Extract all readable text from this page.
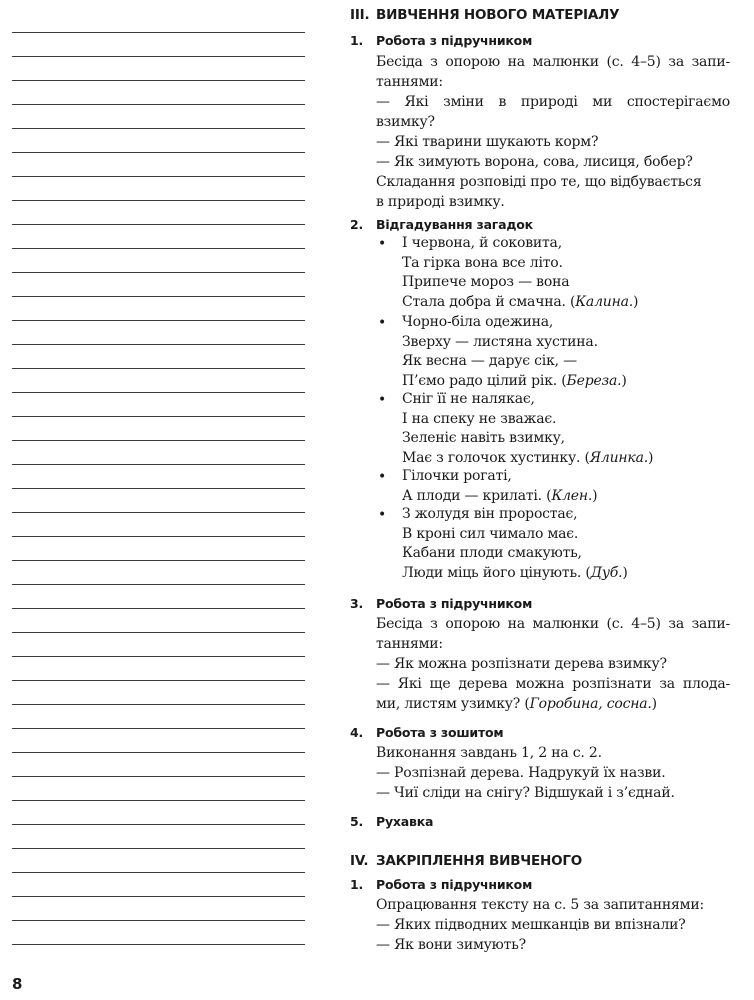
8
III. ВИВЧЕННЯ НОВОГО МАТЕРІАЛУ
1. Робота з підручником
Бесіда з опорою на малюнки (с. 4–5) за запи-
таннями:
— Які зміни в природі ми спостерігаємо
взимку?
— Які тварини шукають корм?
— Як зимують ворона, сова, лисиця, бобер?
Складання розповіді про те, що відбувається
в природі взимку.
2. Відгадування загадок
• І червона, й соковита,
Та гірка вона все літо.
Припече мороз — вона
Стала добра й смачна. (Калина.)
• Чорно-біла одежина,
Зверху — листяна хустина.
Як весна — дарує сік, —
П’ємо радо цілий рік. (Береза.)
• Сніг її не налякає,
І на спеку не зважає.
Зеленіє навіть взимку,
Має з голочок хустинку. (Ялинка.)
• Гілочки рогаті,
А плоди — крилаті. (Клен.)
• З жолудя він проростає,
В кроні сил чимало має.
Кабани плоди смакують,
Люди міць його цінують. (Дуб.)
3. Робота з підручником
Бесіда з опорою на малюнки (с. 4–5) за запи-
таннями:
— Як можна розпізнати дерева взимку?
— Які ще дерева можна розпізнати за плода-
ми, листям узимку? (Горобина, сосна.)
4. Робота з зошитом
Виконання завдань 1, 2 на с. 2.
— Розпізнай дерева. Надрукуй їх назви.
— Чиї сліди на снігу? Відшукай і з’єднай.
5. Рухавка
IV. ЗАКРІПЛЕННЯ ВИВЧЕНОГО
1. Робота з підручником
Опрацювання тексту на с. 5 за запитаннями:
— Яких підводних мешканців ви впізнали?
— Як вони зимують?
